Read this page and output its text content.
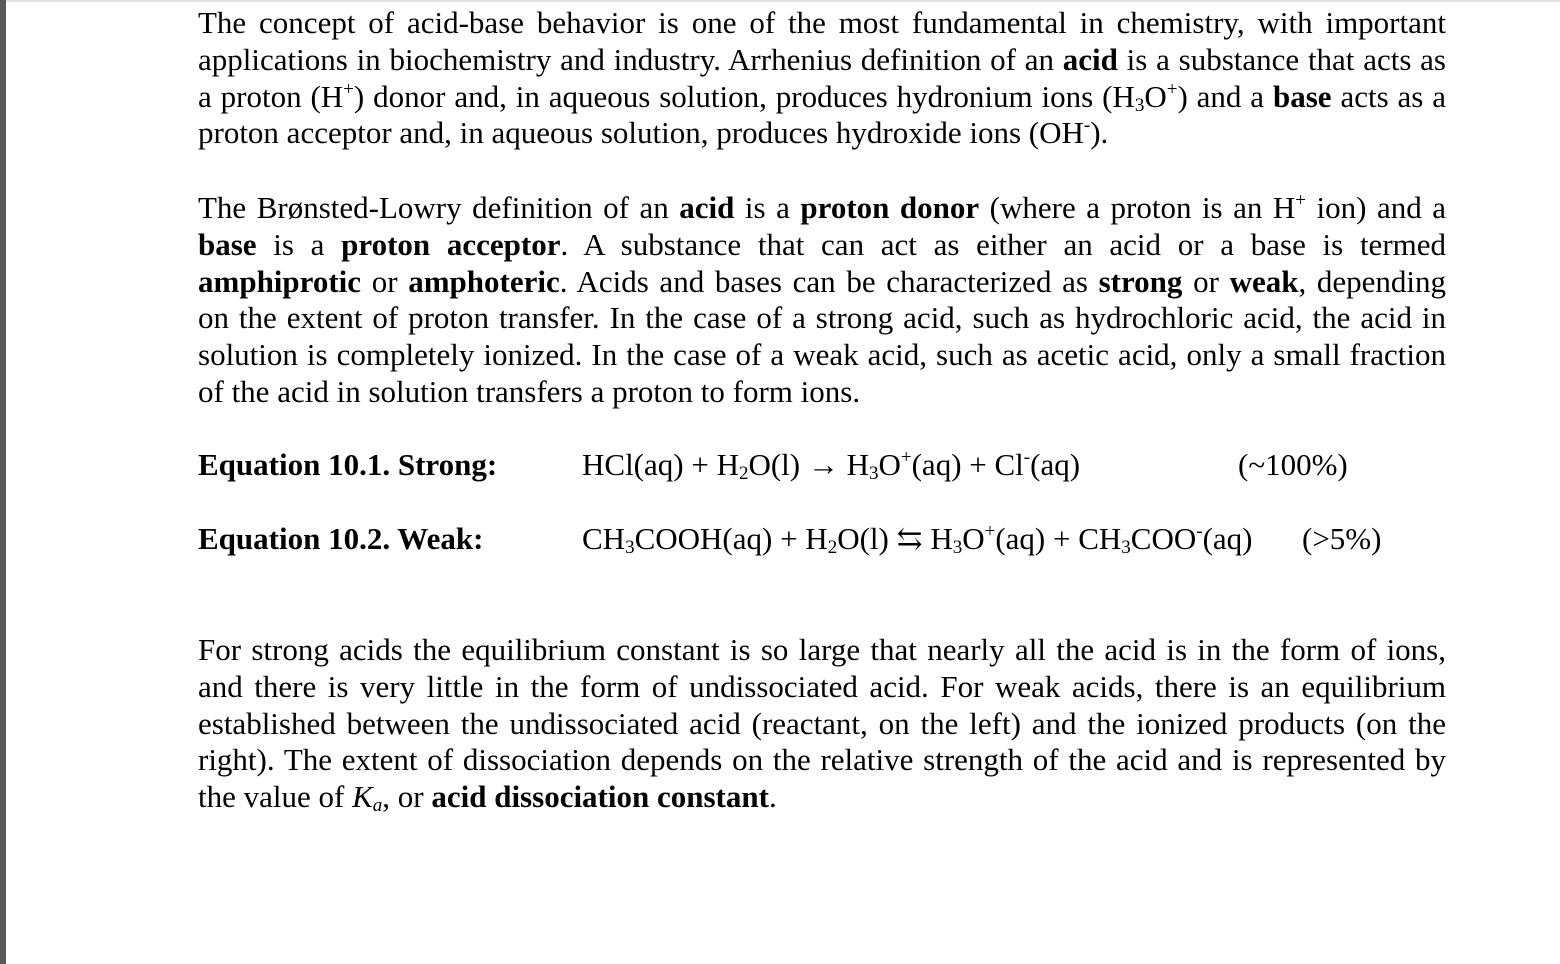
The concept of acid-base behavior is one of the most fundamental in chemistry, with important applications in biochemistry and industry. Arrhenius definition of an acid is a substance that acts as a proton (H+) donor and, in aqueous solution, produces hydronium ions $(H_3O^+)$ and a base acts as a proton acceptor and, in aqueous solution, produces hydroxide ions (OH-).

The Brønsted-Lowry definition of an acid is a proton donor (where a proton is an H+ ion) and a base is a proton acceptor. A substance that can act as either an acid or a base is termed amphiprotic or amphoteric. Acids and bases can be characterized as strong or weak, depending on the extent of proton transfer. In the case of a strong acid, such as hydrochloric acid, the acid in solution is completely ionized. In the case of a weak acid, such as acetic acid, only a small fraction of the acid in solution transfers a proton to form ions.

Equation 10.1. Strong:	$HCl(aq) + H_2O(l) \to H_3O^+(aq) + Cl^-(aq)$	(~100%)
Equation 10.2. Weak:	$CH_3COOH(aq) + H_2O(l)$ ⇆ $H_3O^+(aq) + CH_3COO^-(aq)$ (>5%)

For strong acids the equilibrium constant is so large that nearly all the acid is in the form of ions, and there is very little in the form of undissociated acid. For weak acids, there is an equilibrium established between the undissociated acid (reactant, on the left) and the ionized products (on the right). The extent of dissociation depends on the relative strength of the acid and is represented by the value of $K_a$, or acid dissociation constant.
